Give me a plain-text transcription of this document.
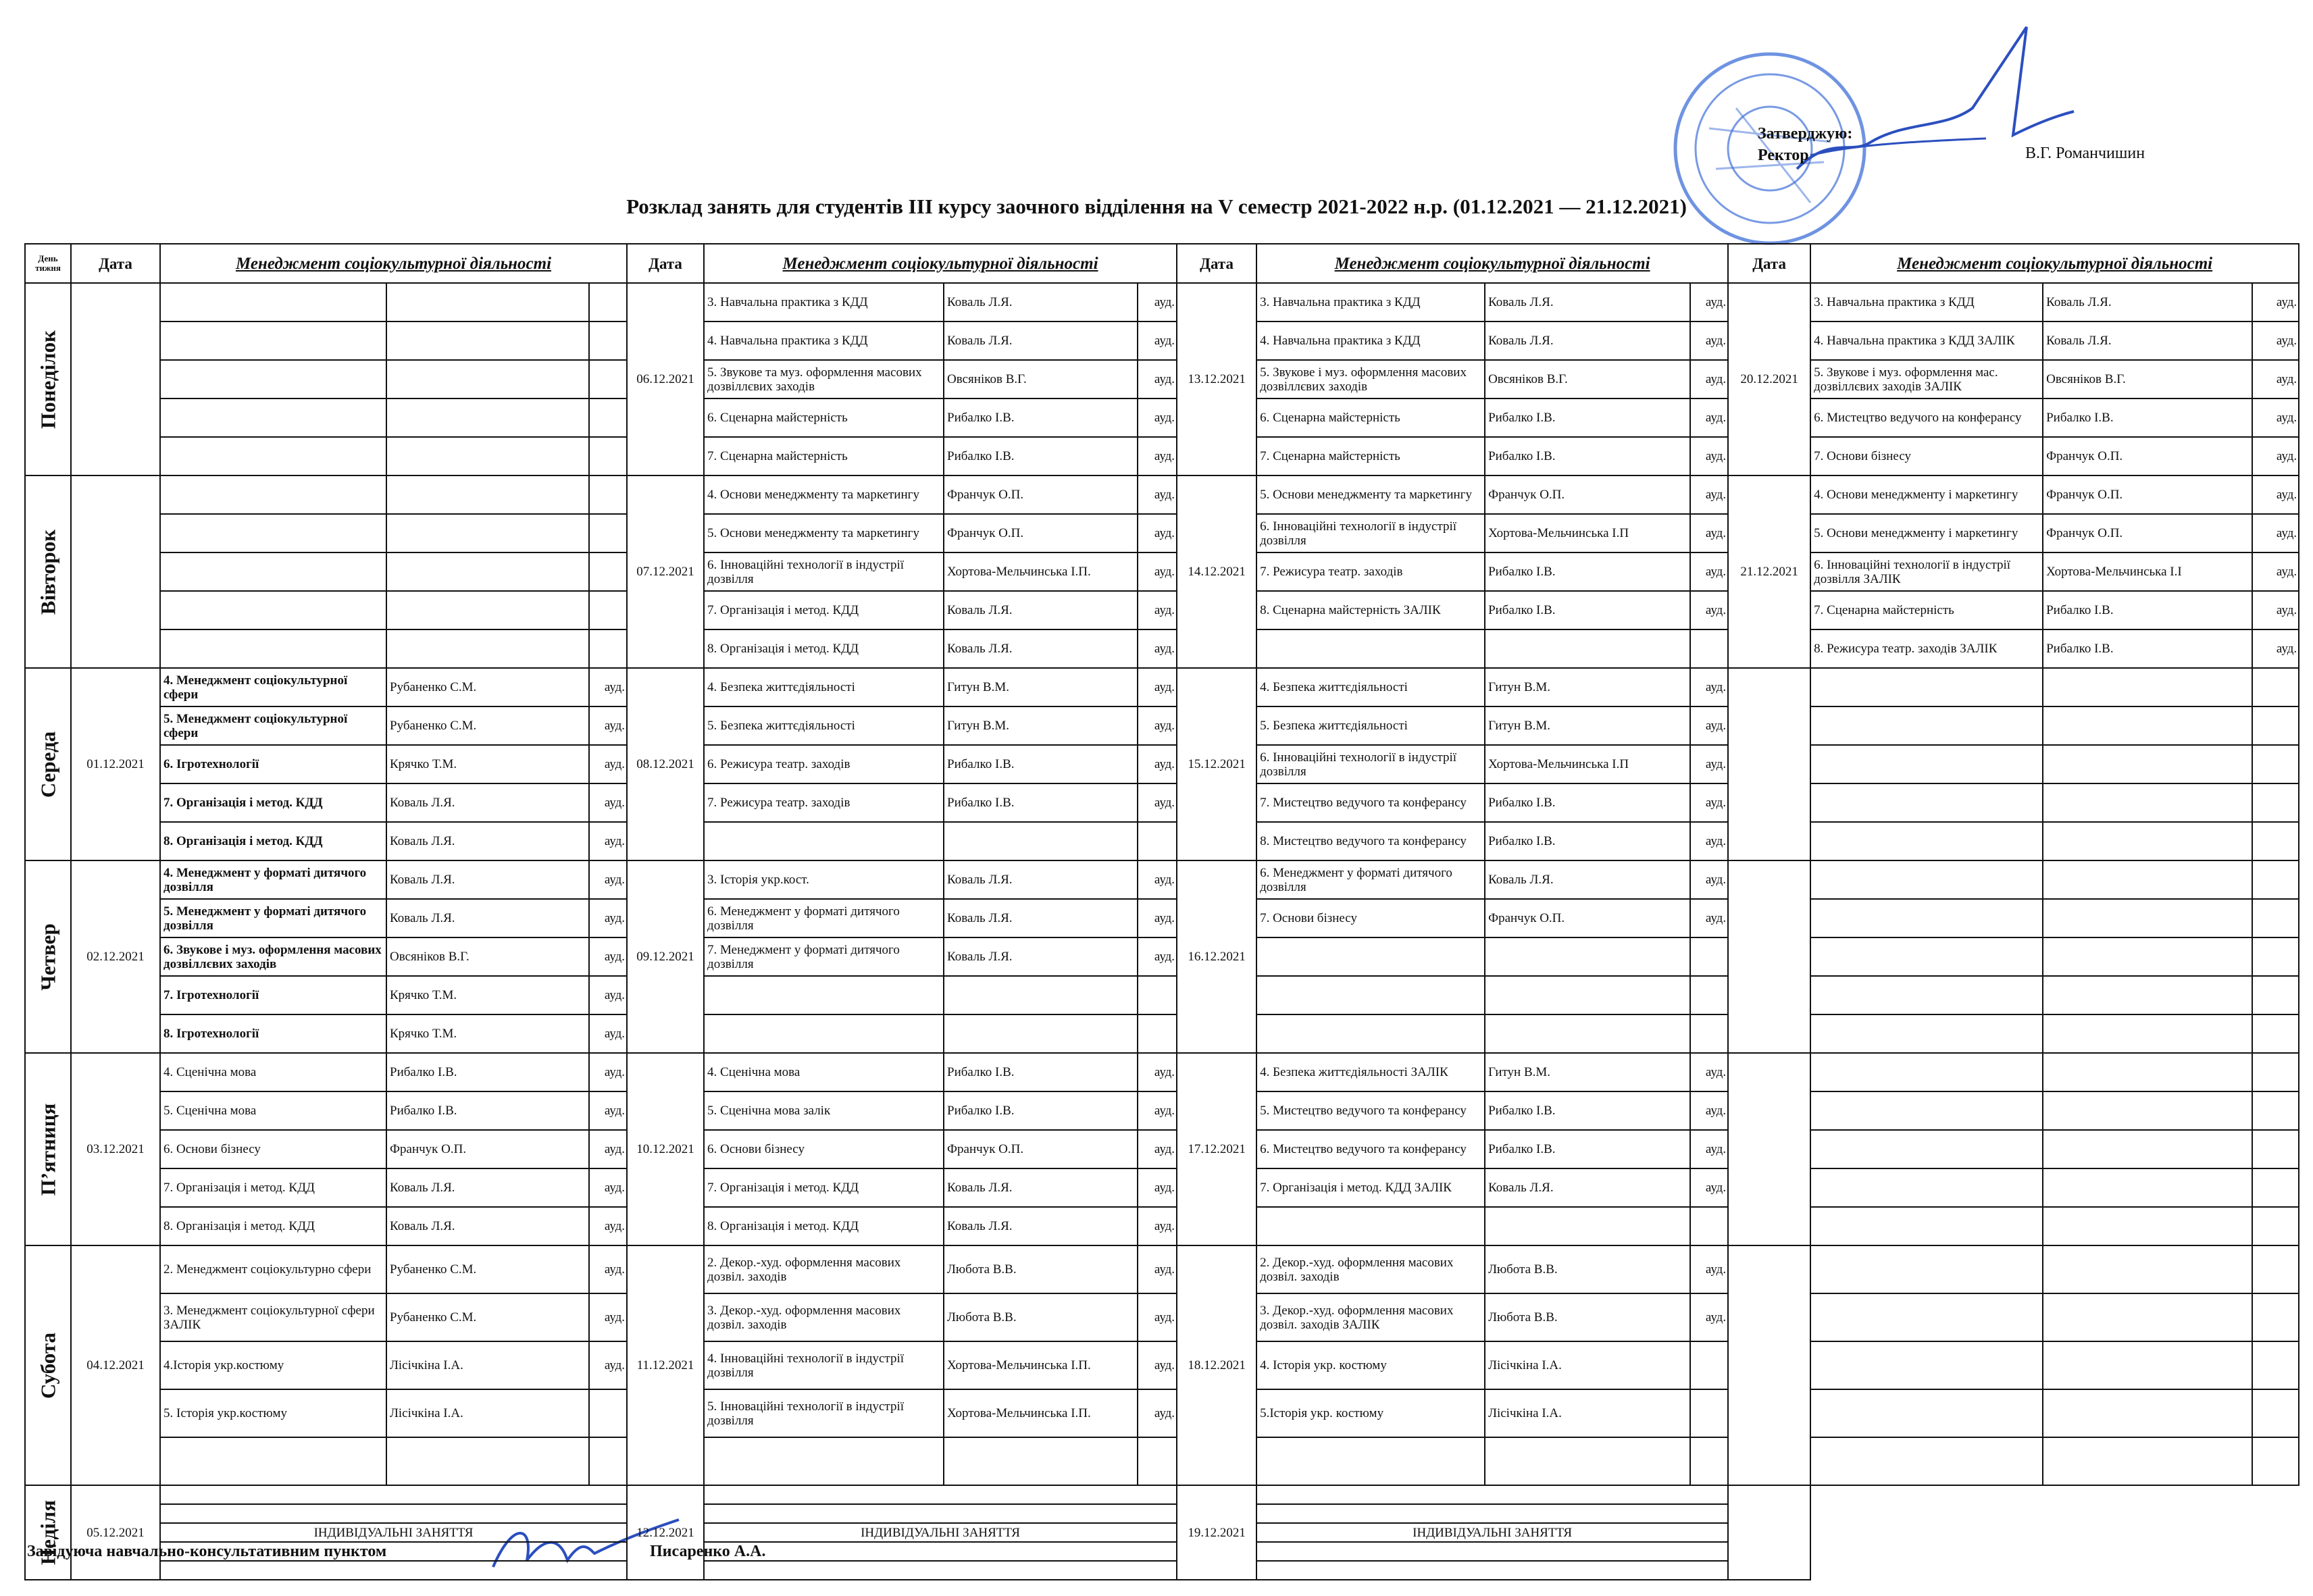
Затверджую:
Ректор	В.Г. Романчишин
Розклад занять для студентів ІІІ курсу заочного відділення на V семестр 2021-2022 н.р. (01.12.2021 — 21.12.2021)
День тижня	Дата	Менеджмент соціокультурної діяльності			Дата	Менеджмент соціокультурної діяльності			Дата	Менеджмент соціокультурної діяльності			Дата	Менеджмент соціокультурної діяльності		

Понеділок					06.12.2021	3. Навчальна практика з КДД	Коваль Л.Я.	ауд.	13.12.2021	3. Навчальна практика з КДД	Коваль Л.Я.	ауд.	20.12.2021	3. Навчальна практика з КДД	Коваль Л.Я.	ауд.
						4. Навчальна практика з КДД	Коваль Л.Я.	ауд.		4. Навчальна практика з КДД	Коваль Л.Я.	ауд.		4. Навчальна практика з КДД ЗАЛІК	Коваль Л.Я.	ауд.
						5. Звукове та муз. оформлення масових дозвіллєвих заходів	Овсяніков В.Г.	ауд.		5. Звукове і муз. оформлення масових дозвіллєвих заходів	Овсяніков В.Г.	ауд.		5. Звукове і муз. оформлення мас. дозвіллєвих заходів ЗАЛІК	Овсяніков В.Г.	ауд.
						6. Сценарна майстерність	Рибалко І.В.	ауд.		6. Сценарна майстерність	Рибалко І.В.	ауд.		6. Мистецтво ведучого на конферансу	Рибалко І.В.	ауд.
						7. Сценарна майстерність	Рибалко І.В.	ауд.		7. Сценарна майстерність	Рибалко І.В.	ауд.		7. Основи бізнесу	Франчук О.П.	ауд.

Вівторок					07.12.2021	4. Основи менеджменту та маркетингу	Франчук О.П.	ауд.	14.12.2021	5. Основи менеджменту та маркетингу	Франчук О.П.	ауд.	21.12.2021	4. Основи менеджменту і маркетингу	Франчук О.П.	ауд.
						5. Основи менеджменту та маркетингу	Франчук О.П.	ауд.		6. Інноваційні технології в індустрії дозвілля	Хортова-Мельчинська І.П	ауд.		5. Основи менеджменту і маркетингу	Франчук О.П.	ауд.
						6. Інноваційні технології в індустрії дозвілля	Хортова-Мельчинська І.П.	ауд.		7. Режисура театр. заходів	Рибалко І.В.	ауд.		6. Інноваційні технології в індустрії дозвілля ЗАЛІК	Хортова-Мельчинська І.І	ауд.
						7. Організація і метод. КДД	Коваль Л.Я.	ауд.		8. Сценарна майстерність ЗАЛІК	Рибалко І.В.	ауд.		7. Сценарна майстерність	Рибалко І.В.	ауд.
						8. Організація і метод. КДД	Коваль Л.Я.	ауд.						8. Режисура театр. заходів ЗАЛІК	Рибалко І.В.	ауд.

Середа	01.12.2021	4. Менеджмент соціокультурної сфери	Рубаненко С.М.	ауд.	08.12.2021	4. Безпека життєдіяльності	Гитун В.М.	ауд.	15.12.2021	4. Безпека життєдіяльності	Гитун В.М.	ауд.				
		5. Менеджмент соціокультурної сфери	Рубаненко С.М.	ауд.		5. Безпека життєдіяльності	Гитун В.М.	ауд.		5. Безпека життєдіяльності	Гитун В.М.	ауд.				
		6. Ігротехнології	Крячко Т.М.	ауд.		6. Режисура театр. заходів	Рибалко І.В.	ауд.		6. Інноваційні технології в індустрії дозвілля	Хортова-Мельчинська І.П	ауд.				
		7. Організація і метод. КДД	Коваль Л.Я.	ауд.		7. Режисура театр. заходів	Рибалко І.В.	ауд.		7. Мистецтво ведучого та конферансу	Рибалко І.В.	ауд.				
		8. Організація і метод. КДД	Коваль Л.Я.	ауд.						8. Мистецтво ведучого та конферансу	Рибалко І.В.	ауд.				

Четвер	02.12.2021	4. Менеджмент у форматі дитячого дозвілля	Коваль Л.Я.	ауд.	09.12.2021	3. Історія укр.кост.	Коваль Л.Я.	ауд.	16.12.2021	6. Менеджмент у форматі дитячого дозвілля	Коваль Л.Я.	ауд.				
		5. Менеджмент у форматі дитячого дозвілля	Коваль Л.Я.	ауд.		6. Менеджмент у форматі дитячого дозвілля	Коваль Л.Я.	ауд.		7. Основи бізнесу	Франчук О.П.	ауд.				
		6. Звукове і муз. оформлення масових дозвіллєвих заходів	Овсяніков В.Г.	ауд.		7. Менеджмент у форматі дитячого дозвілля	Коваль Л.Я.	ауд.								
		7. Ігротехнології	Крячко Т.М.	ауд.												
		8. Ігротехнології	Крячко Т.М.	ауд.												

П’ятниця	03.12.2021	4. Сценічна мова	Рибалко І.В.	ауд.	10.12.2021	4. Сценічна мова	Рибалко І.В.	ауд.	17.12.2021	4. Безпека життєдіяльності ЗАЛІК	Гитун В.М.	ауд.				
		5. Сценічна мова	Рибалко І.В.	ауд.		5. Сценічна мова залік	Рибалко І.В.	ауд.		5. Мистецтво ведучого та конферансу	Рибалко І.В.	ауд.				
		6. Основи бізнесу	Франчук О.П.	ауд.		6. Основи бізнесу	Франчук О.П.	ауд.		6. Мистецтво ведучого та конферансу	Рибалко І.В.	ауд.				
		7. Організація і метод. КДД	Коваль Л.Я.	ауд.		7. Організація і метод. КДД	Коваль Л.Я.	ауд.		7. Організація і метод. КДД ЗАЛІК	Коваль Л.Я.	ауд.				
		8. Організація і метод. КДД	Коваль Л.Я.	ауд.		8. Організація і метод. КДД	Коваль Л.Я.	ауд.								

Субота	04.12.2021	2. Менеджмент соціокультурно сфери	Рубаненко С.М.	ауд.	11.12.2021	2. Декор.-худ. оформлення масових дозвіл. заходів	Любота В.В.	ауд.	18.12.2021	2. Декор.-худ. оформлення масових дозвіл. заходів	Любота В.В.	ауд.				
		3. Менеджмент соціокультурної сфери ЗАЛІК	Рубаненко С.М.	ауд.		3. Декор.-худ. оформлення масових дозвіл. заходів	Любота В.В.	ауд.		3. Декор.-худ. оформлення масових дозвіл. заходів ЗАЛІК	Любота В.В.	ауд.				
		4.Історія укр.костюму	Лісічкіна І.А.	ауд.		4. Інноваційні технології в індустрії дозвілля	Хортова-Мельчинська І.П.	ауд.		4. Історія укр. костюму	Лісічкіна І.А.					
		5. Історія укр.костюму	Лісічкіна І.А.			5. Інноваційні технології в індустрії дозвілля	Хортова-Мельчинська І.П.	ауд.		5.Історія укр. костюму	Лісічкіна І.А.					

Неділя	05.12.2021				12.12.2021				19.12.2021							

		ІНДИВІДУАЛЬНІ ЗАНЯТТЯ				ІНДИВІДУАЛЬНІ ЗАНЯТТЯ				ІНДИВІДУАЛЬНІ ЗАНЯТТЯ						

Завідуюча навчально-консультативним пунктом	Писаренко А.А.
